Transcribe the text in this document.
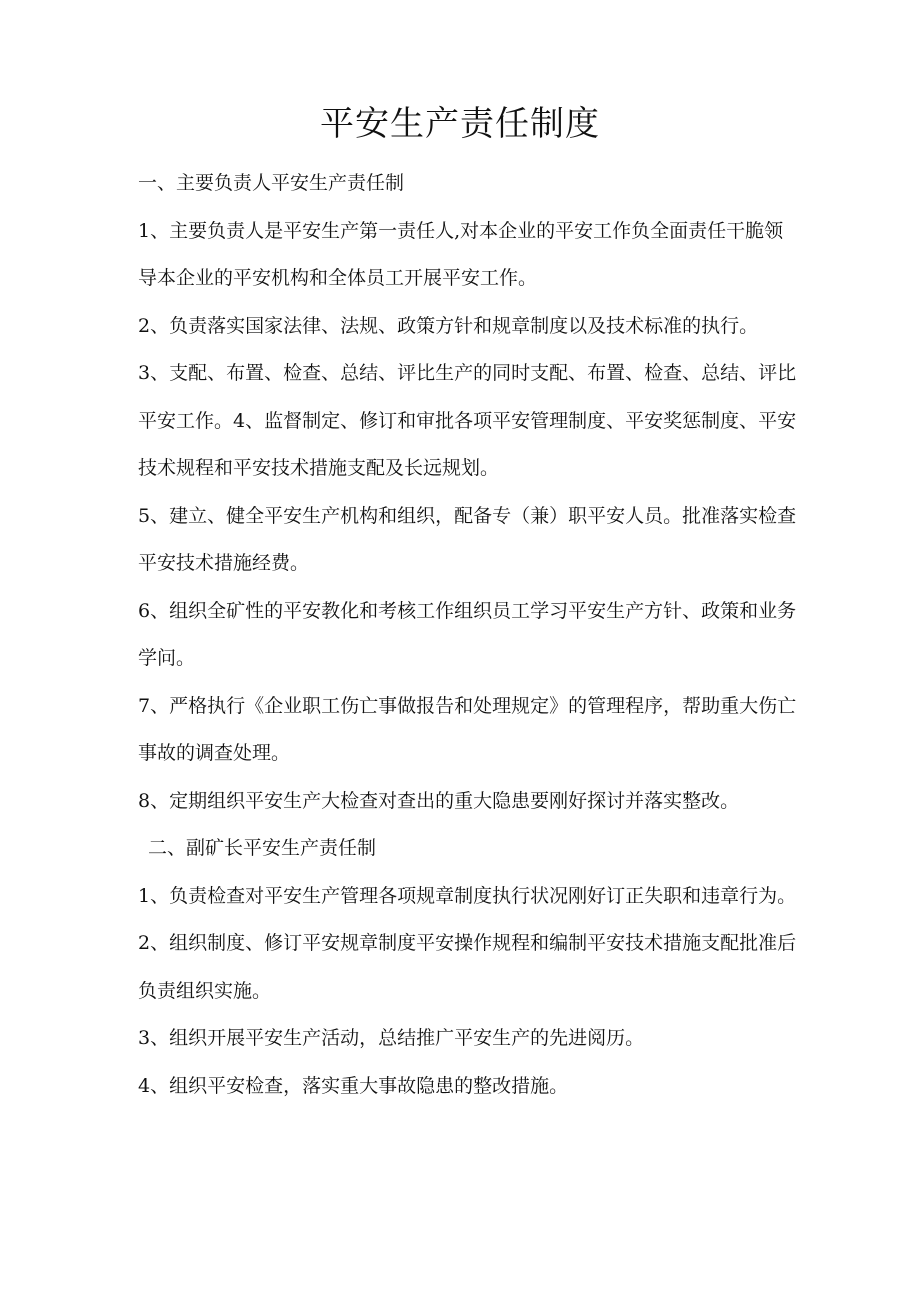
平安生产责任制度

一、主要负责人平安生产责任制

1、主要负责人是平安生产第一责任人,对本企业的平安工作负全面责任干脆领导本企业的平安机构和全体员工开展平安工作。

2、负责落实国家法律、法规、政策方针和规章制度以及技术标准的执行。

3、支配、布置、检查、总结、评比生产的同时支配、布置、检查、总结、评比平安工作。4、监督制定、修订和审批各项平安管理制度、平安奖惩制度、平安技术规程和平安技术措施支配及长远规划。

5、建立、健全平安生产机构和组织，配备专（兼）职平安人员。批准落实检查平安技术措施经费。

6、组织全矿性的平安教化和考核工作组织员工学习平安生产方针、政策和业务学问。

7、严格执行《企业职工伤亡事做报告和处理规定》的管理程序，帮助重大伤亡事故的调查处理。

8、定期组织平安生产大检查对查出的重大隐患要刚好探讨并落实整改。

二、副矿长平安生产责任制

1、负责检查对平安生产管理各项规章制度执行状况刚好订正失职和违章行为。

2、组织制度、修订平安规章制度平安操作规程和编制平安技术措施支配批准后负责组织实施。

3、组织开展平安生产活动，总结推广平安生产的先进阅历。

4、组织平安检查，落实重大事故隐患的整改措施。
